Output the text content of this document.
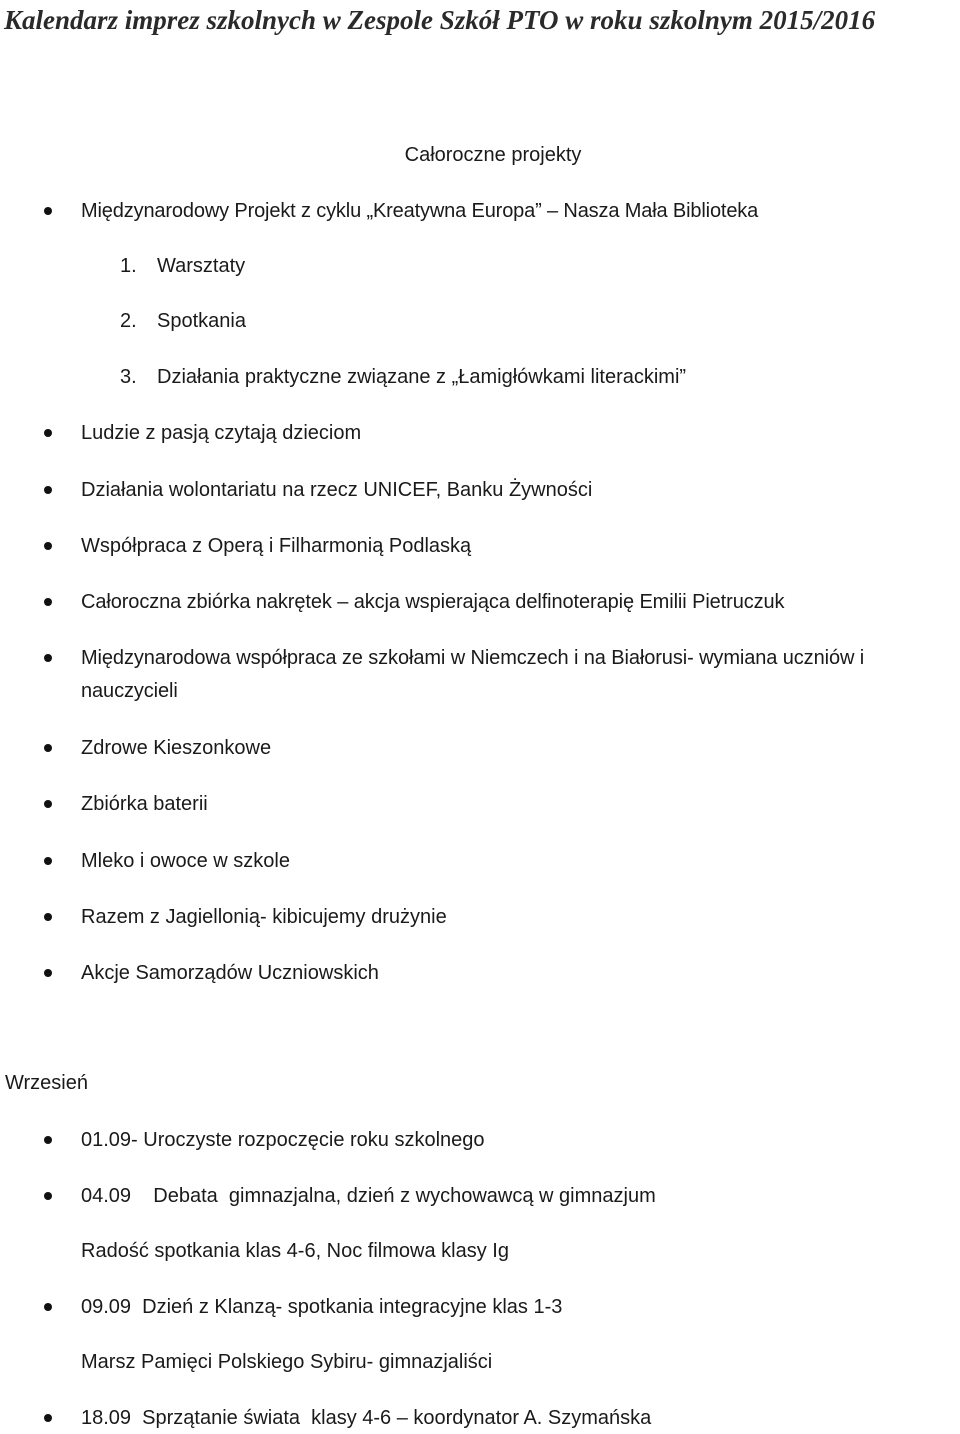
Kalendarz imprez szkolnych w Zespole Szkół PTO w roku szkolnym 2015/2016
Całoroczne projekty
Międzynarodowy Projekt z cyklu „Kreatywna Europa” – Nasza Mała Biblioteka
1. Warsztaty
2. Spotkania
3. Działania praktyczne związane z „Łamigłówkami literackimi”
Ludzie z pasją czytają dzieciom
Działania wolontariatu na rzecz UNICEF, Banku Żywności
Współpraca z Operą i Filharmonią Podlaską
Całoroczna zbiórka nakrętek – akcja wspierająca delfinoterapię Emilii Pietruczuk
Międzynarodowa współpraca ze szkołami w Niemczech i na Białorusi- wymiana uczniów i nauczycieli
Zdrowe Kieszonkowe
Zbiórka baterii
Mleko i owoce w szkole
Razem z Jagiellonią- kibicujemy drużynie
Akcje Samorządów Uczniowskich
Wrzesień
01.09- Uroczyste rozpoczęcie roku szkolnego
04.09    Debata  gimnazjalna, dzień z wychowawcą w gimnazjum
Radość spotkania klas 4-6, Noc filmowa klasy Ig
09.09  Dzień z Klanzą- spotkania integracyjne klas 1-3
Marsz Pamięci Polskiego Sybiru- gimnazjaliści
18.09  Sprzątanie świata  klasy 4-6 – koordynator A. Szymańska
